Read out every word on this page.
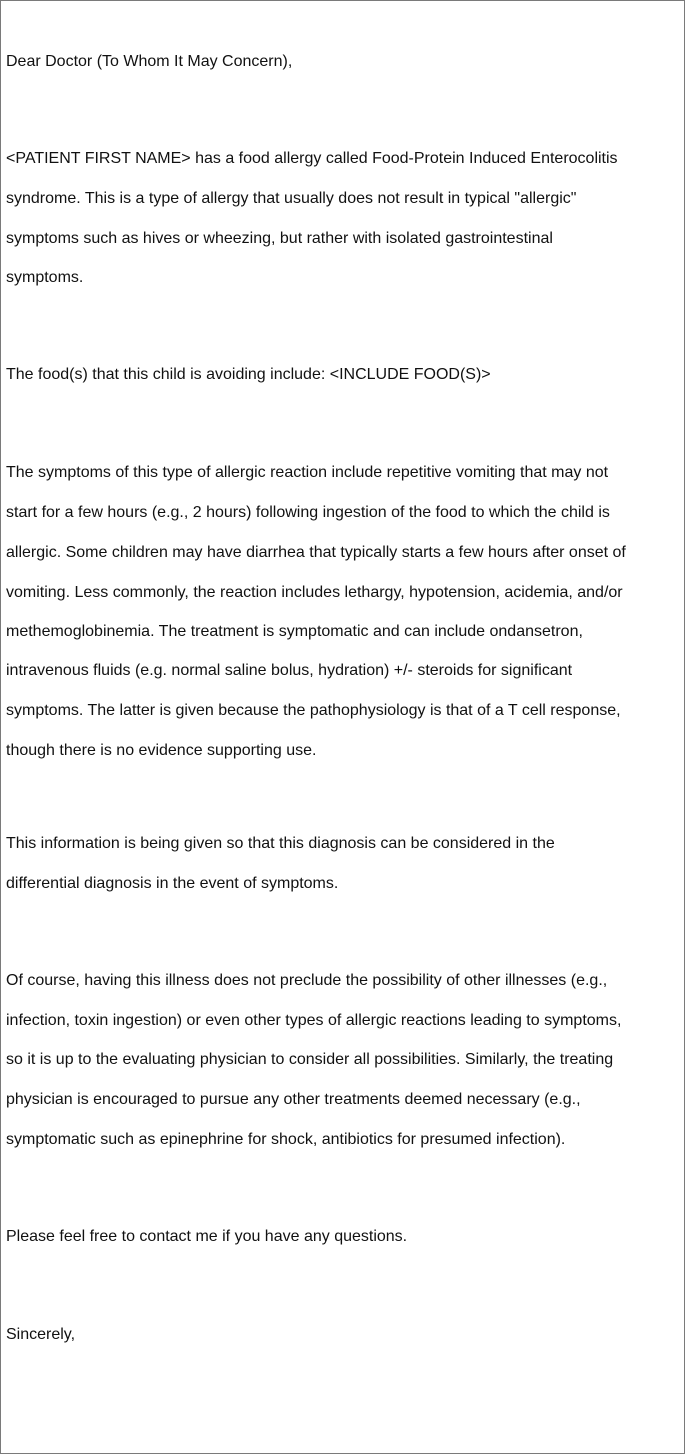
Dear Doctor (To Whom It May Concern),
<PATIENT FIRST NAME> has a food allergy called Food-Protein Induced Enterocolitis
syndrome. This is a type of allergy that usually does not result in typical "allergic"
symptoms such as hives or wheezing, but rather with isolated gastrointestinal
symptoms.
The food(s) that this child is avoiding include: <INCLUDE FOOD(S)>
The symptoms of this type of allergic reaction include repetitive vomiting that may not
start for a few hours (e.g., 2 hours) following ingestion of the food to which the child is
allergic. Some children may have diarrhea that typically starts a few hours after onset of
vomiting. Less commonly, the reaction includes lethargy, hypotension, acidemia, and/or
methemoglobinemia. The treatment is symptomatic and can include ondansetron,
intravenous fluids (e.g. normal saline bolus, hydration) +/- steroids for significant
symptoms. The latter is given because the pathophysiology is that of a T cell response,
though there is no evidence supporting use.
This information is being given so that this diagnosis can be considered in the
differential diagnosis in the event of symptoms.
Of course, having this illness does not preclude the possibility of other illnesses (e.g.,
infection, toxin ingestion) or even other types of allergic reactions leading to symptoms,
so it is up to the evaluating physician to consider all possibilities. Similarly, the treating
physician is encouraged to pursue any other treatments deemed necessary (e.g.,
symptomatic such as epinephrine for shock, antibiotics for presumed infection).
Please feel free to contact me if you have any questions.
Sincerely,
